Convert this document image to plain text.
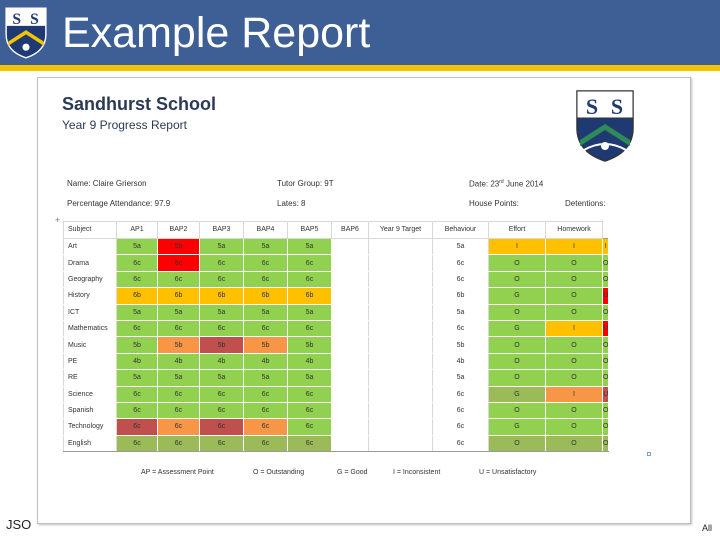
S S Example Report
Sandhurst School
Year 9 Progress Report
S S
Name: Claire Grierson	Tutor Group: 9T	Date: 23rd June 2014
Percentage Attendance: 97.9	Lates: 8	House Points:	Detentions:
+
Subject	AP1	BAP2	BAP3	BAP4	BAP5	BAP6	Year 9 Target	Behaviour	Effort	Homework	
Art	5a	5b	5a	5a	5a			5a	I	I	I
Drama	6c	6c	6c	6c	6c			6c	O	O	O
Geography	6c	6c	6c	6c	6c			6c	O	O	O
History	6b	6b	6b	6b	6b			6b	G	O	U
ICT	5a	5a	5a	5a	5a			5a	O	O	O
Mathematics	6c	6c	6c	6c	6c			6c	G	I	U
Music	5b	5b	5b	5b	5b			5b	O	O	O
PE	4b	4b	4b	4b	4b			4b	O	O	O
RE	5a	5a	5a	5a	5a			5a	O	O	O
Science	6c	6c	6c	6c	6c			6c	G	I	U
Spanish	6c	6c	6c	6c	6c			6c	O	O	O
Technology	6c	6c	6c	6c	6c			6c	G	O	O
English	6c	6c	6c	6c	6c			6c	O	O	O
AP = Assessment Point	O = Outstanding	G = Good	I = Inconsistent	U = Unsatisfactory
JSO	All
